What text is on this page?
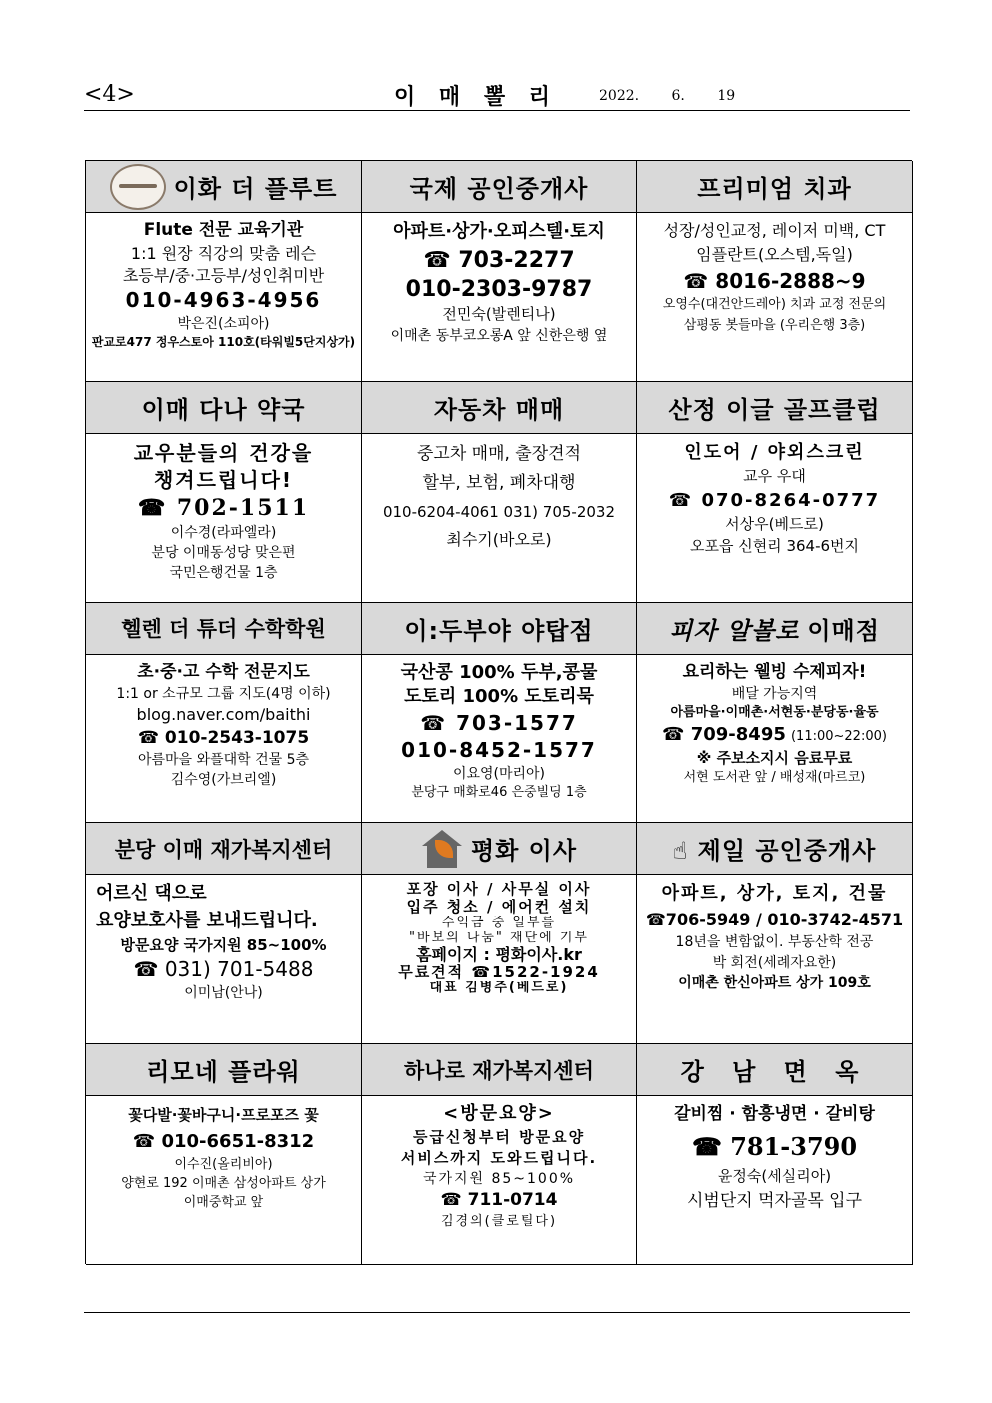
<4>	이 매 뽈 리	2022. 6. 19
이화 더 플루트
Flute 전문 교육기관
1:1 원장 직강의 맞춤 레슨
초등부/중·고등부/성인취미반
010-4963-4956
박은진(소피아)
판교로477 정우스토아 110호(타워빌5단지상가)
국제 공인중개사
아파트·상가·오피스텔·토지
☎ 703-2277
010-2303-9787
전민숙(발렌티나)
이매촌 동부코오롱A 앞 신한은행 옆
프리미엄 치과
성장/성인교정, 레이저 미백, CT
임플란트(오스템,독일)
☎ 8016-2888~9
오영수(대건안드레아) 치과 교정 전문의
삼평동 봇들마을 (우리은행 3층)
이매 다나 약국
교우분들의 건강을
챙겨드립니다!
☎ 702-1511
이수경(라파엘라)
분당 이매동성당 맞은편
국민은행건물 1층
자동차 매매
중고차 매매, 출장견적
할부, 보험, 폐차대행
010-6204-4061 031) 705-2032
최수기(바오로)
산정 이글 골프클럽
인도어 / 야외스크린
교우 우대
☎ 070-8264-0777
서상우(베드로)
오포읍 신현리 364-6번지
헬렌 더 튜더 수학학원
초·중·고 수학 전문지도
1:1 or 소규모 그룹 지도(4명 이하)
blog.naver.com/baithi
☎ 010-2543-1075
아름마을 와플대학 건물 5층
김수영(가브리엘)
이:두부야 야탑점
국산콩 100% 두부,콩물
도토리 100% 도토리묵
☎ 703-1577
010-8452-1577
이요영(마리아)
분당구 매화로46 은중빌딩 1층
피자 알볼로 이매점
요리하는 웰빙 수제피자!
배달 가능지역
아름마을·이매촌·서현동·분당동·율동
☎ 709-8495 (11:00~22:00)
※ 주보소지시 음료무료
서현 도서관 앞 / 배성재(마르코)
분당 이매 재가복지센터
어르신 댁으로
요양보호사를 보내드립니다.
방문요양 국가지원 85~100%
☎ 031) 701-5488
이미남(안나)
평화 이사
포장 이사 / 사무실 이사
입주 청소 / 에어컨 설치
수익금 중 일부를
"바보의 나눔" 재단에 기부
홈페이지 : 평화이사.kr
무료견적 ☎1522-1924
대표 김병주(베드로)
☝ 제일 공인중개사
아파트, 상가, 토지, 건물
☎706-5949 / 010-3742-4571
18년을 변함없이. 부동산학 전공
박 회전(세례자요한)
이매촌 한신아파트 상가 109호
리모네 플라워
꽃다발·꽃바구니·프로포즈 꽃
☎ 010-6651-8312
이수진(올리비아)
양현로 192 이매촌 삼성아파트 상가
이매중학교 앞
하나로 재가복지센터
<방문요양>
등급신청부터 방문요양
서비스까지 도와드립니다.
국가지원 85~100%
☎ 711-0714
김경의(클로틸다)
강 남 면 옥
갈비찜 · 함흥냉면 · 갈비탕
☎ 781-3790
윤정숙(세실리아)
시범단지 먹자골목 입구
